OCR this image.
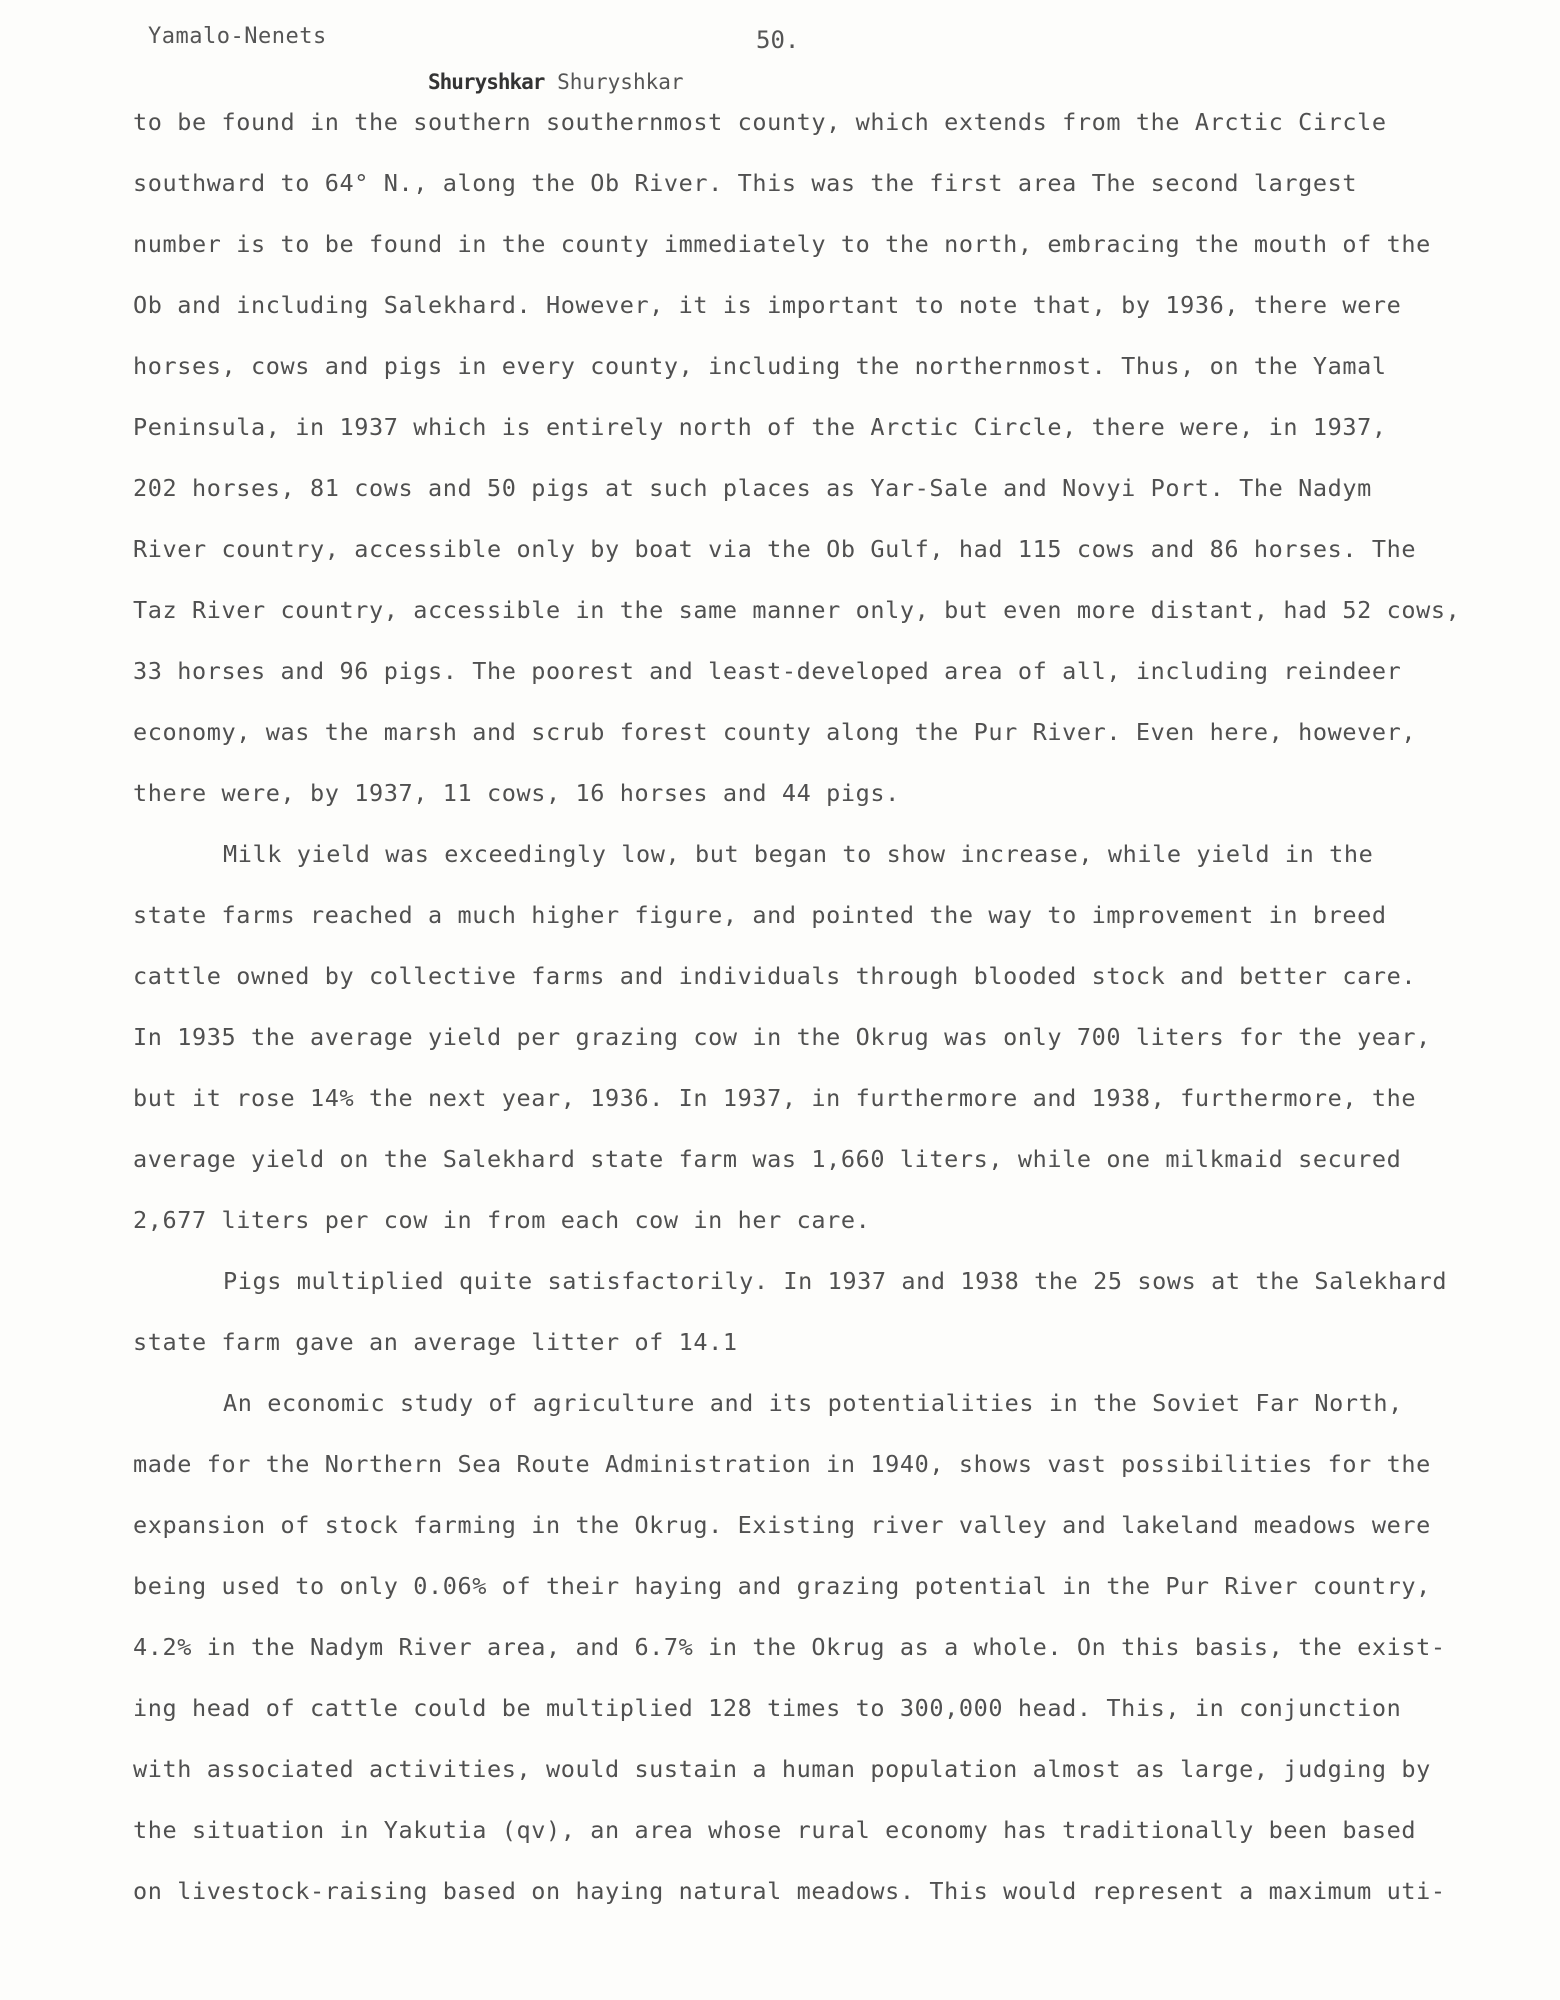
Yamalo-Nenets	50.
Shuryshkar Shuryshkar
to be found in the southern southernmost county, which extends from the Arctic Circle
southward to 64° N., along the Ob River. This was the first area The second largest
number is to be found in the county immediately to the north, embracing the mouth of the
Ob and including Salekhard. However, it is important to note that, by 1936, there were
horses, cows and pigs in every county, including the northernmost. Thus, on the Yamal
Peninsula, in 1937 which is entirely north of the Arctic Circle, there were, in 1937,
202 horses, 81 cows and 50 pigs at such places as Yar-Sale and Novyi Port. The Nadym
River country, accessible only by boat via the Ob Gulf, had 115 cows and 86 horses. The
Taz River country, accessible in the same manner only, but even more distant, had 52 cows,
33 horses and 96 pigs. The poorest and least-developed area of all, including reindeer
economy, was the marsh and scrub forest county along the Pur River. Even here, however,
there were, by 1937, 11 cows, 16 horses and 44 pigs.
Milk yield was exceedingly low, but began to show increase, while yield in the
state farms reached a much higher figure, and pointed the way to improvement in breed
cattle owned by collective farms and individuals through blooded stock and better care.
In 1935 the average yield per grazing cow in the Okrug was only 700 liters for the year,
but it rose 14% the next year, 1936. In 1937, in furthermore and 1938, furthermore, the
average yield on the Salekhard state farm was 1,660 liters, while one milkmaid secured
2,677 liters per cow in from each cow in her care.
Pigs multiplied quite satisfactorily. In 1937 and 1938 the 25 sows at the Salekhard
state farm gave an average litter of 14.1
An economic study of agriculture and its potentialities in the Soviet Far North,
made for the Northern Sea Route Administration in 1940, shows vast possibilities for the
expansion of stock farming in the Okrug. Existing river valley and lakeland meadows were
being used to only 0.06% of their haying and grazing potential in the Pur River country,
4.2% in the Nadym River area, and 6.7% in the Okrug as a whole. On this basis, the exist-
ing head of cattle could be multiplied 128 times to 300,000 head. This, in conjunction
with associated activities, would sustain a human population almost as large, judging by
the situation in Yakutia (qv), an area whose rural economy has traditionally been based
on livestock-raising based on haying natural meadows. This would represent a maximum uti-
